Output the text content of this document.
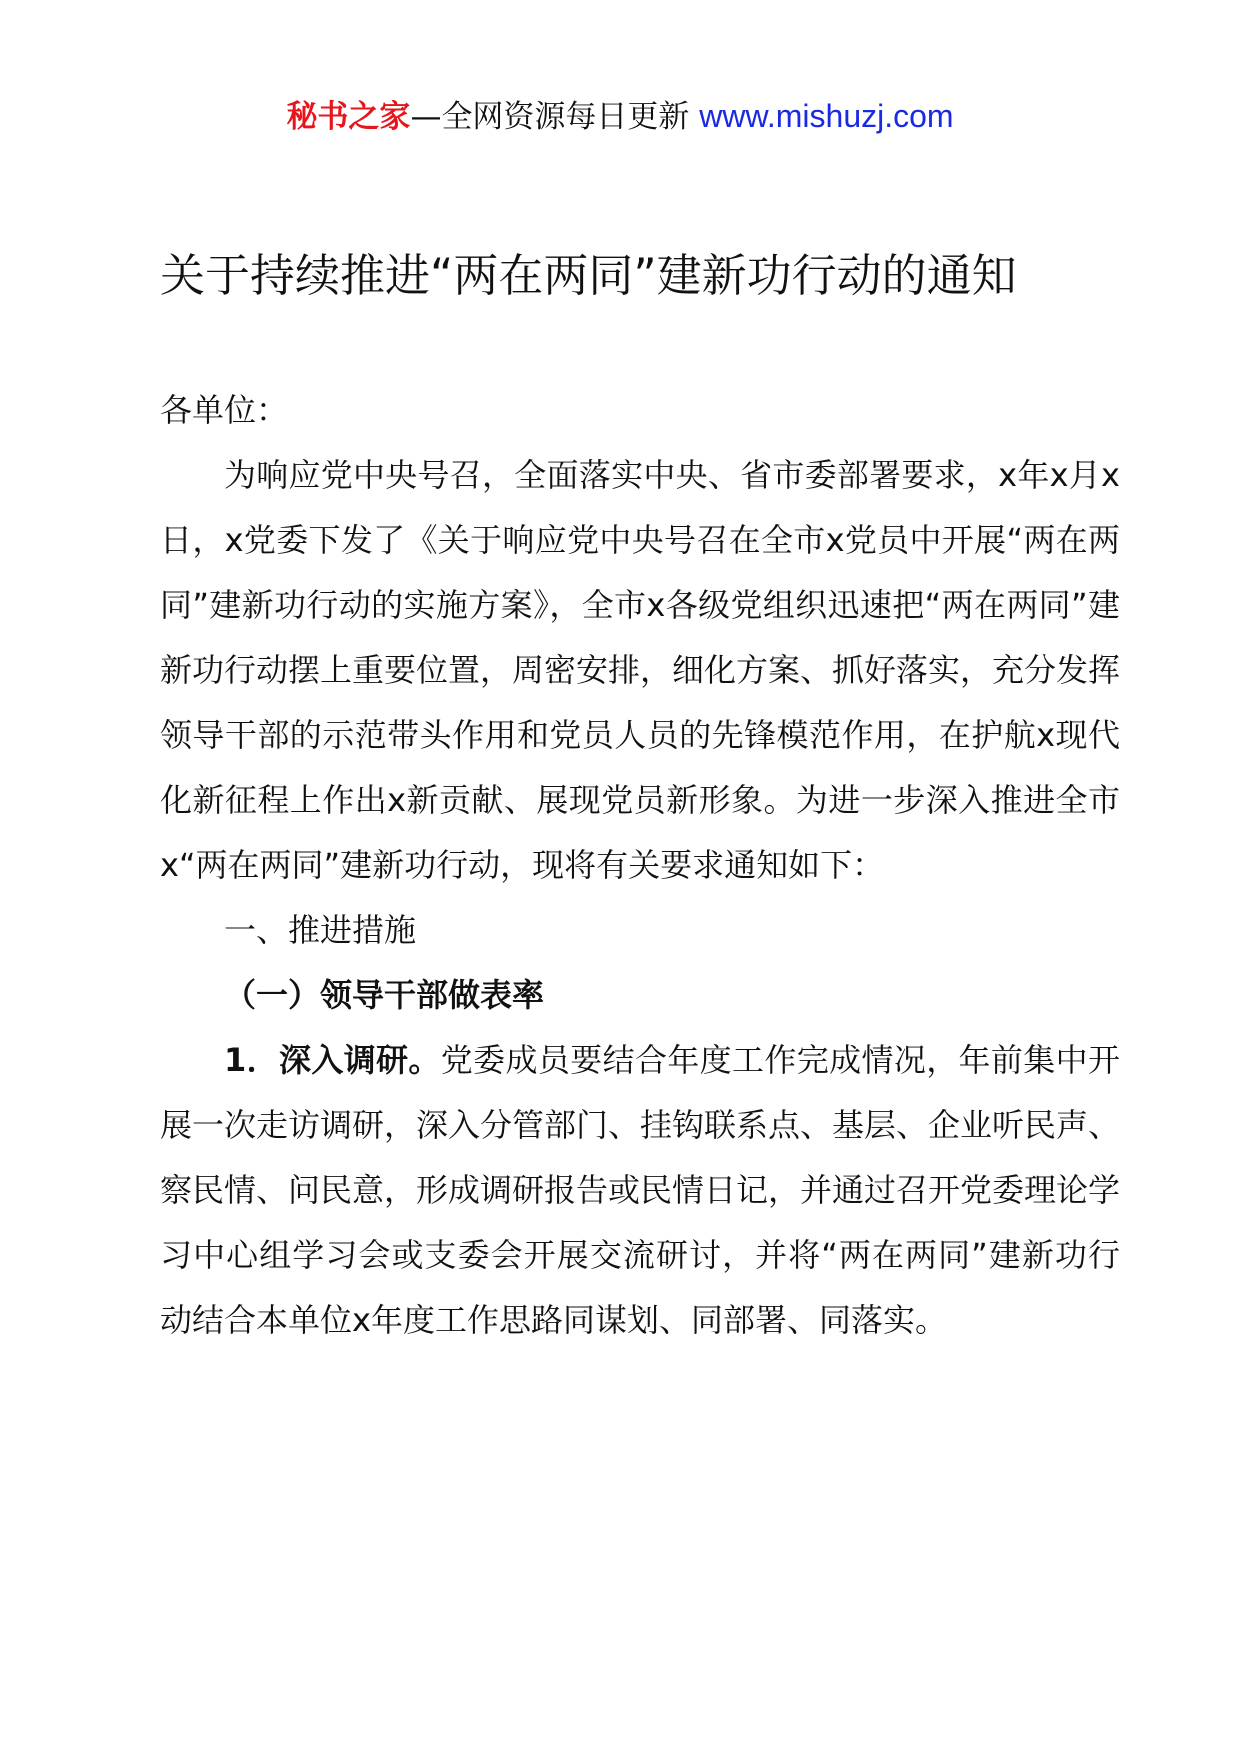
秘书之家—全网资源每日更新 www.mishuzj.com
关于持续推进“两在两同”建新功行动的通知

各单位：

为响应党中央号召，全面落实中央、省市委部署要求，x年x月x日，x党委下发了《关于响应党中央号召在全市x党员中开展“两在两同”建新功行动的实施方案》，全市x各级党组织迅速把“两在两同”建新功行动摆上重要位置，周密安排，细化方案、抓好落实，充分发挥领导干部的示范带头作用和党员人员的先锋模范作用，在护航x现代化新征程上作出x新贡献、展现党员新形象。为进一步深入推进全市x“两在两同”建新功行动，现将有关要求通知如下：

一、推进措施

（一）领导干部做表率

1．深入调研。党委成员要结合年度工作完成情况，年前集中开展一次走访调研，深入分管部门、挂钩联系点、基层、企业听民声、察民情、问民意，形成调研报告或民情日记，并通过召开党委理论学习中心组学习会或支委会开展交流研讨，并将“两在两同”建新功行动结合本单位x年度工作思路同谋划、同部署、同落实。
